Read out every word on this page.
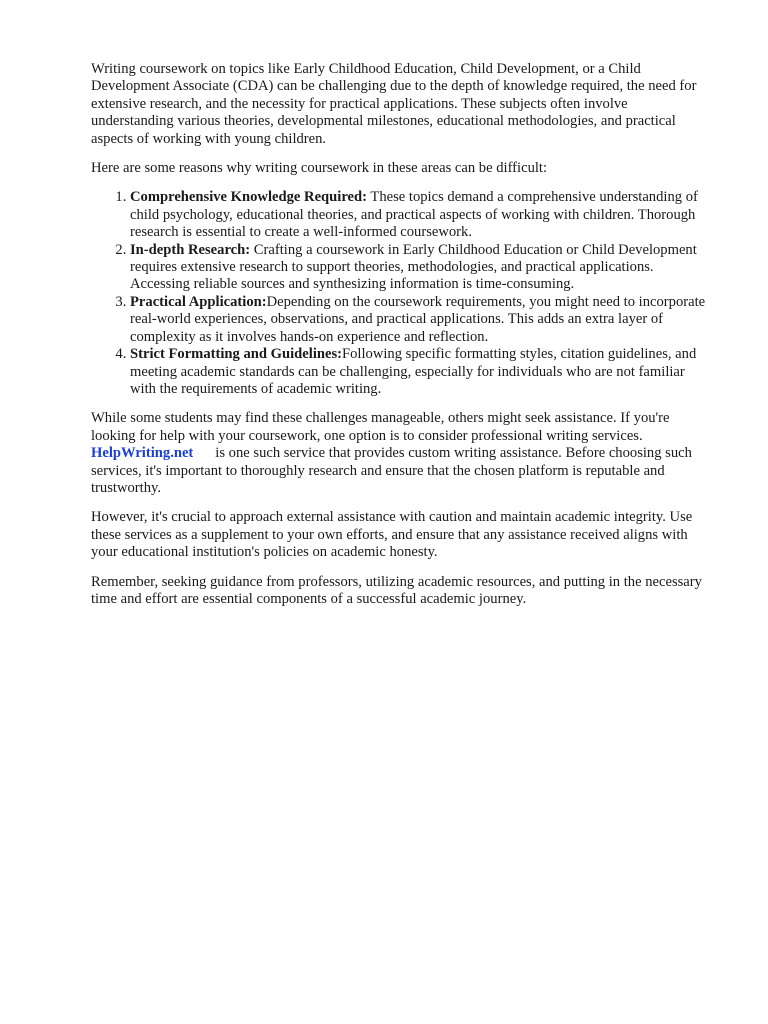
Writing coursework on topics like Early Childhood Education, Child Development, or a Child Development Associate (CDA) can be challenging due to the depth of knowledge required, the need for extensive research, and the necessity for practical applications. These subjects often involve understanding various theories, developmental milestones, educational methodologies, and practical aspects of working with young children.

Here are some reasons why writing coursework in these areas can be difficult:

1. Comprehensive Knowledge Required: These topics demand a comprehensive understanding of child psychology, educational theories, and practical aspects of working with children. Thorough research is essential to create a well-informed coursework.
2. In-depth Research: Crafting a coursework in Early Childhood Education or Child Development requires extensive research to support theories, methodologies, and practical applications. Accessing reliable sources and synthesizing information is time-consuming.
3. Practical Application:Depending on the coursework requirements, you might need to incorporate real-world experiences, observations, and practical applications. This adds an extra layer of complexity as it involves hands-on experience and reflection.
4. Strict Formatting and Guidelines:Following specific formatting styles, citation guidelines, and meeting academic standards can be challenging, especially for individuals who are not familiar with the requirements of academic writing.

While some students may find these challenges manageable, others might seek assistance. If you're looking for help with your coursework, one option is to consider professional writing services. HelpWriting.net is one such service that provides custom writing assistance. Before choosing such services, it's important to thoroughly research and ensure that the chosen platform is reputable and trustworthy.

However, it's crucial to approach external assistance with caution and maintain academic integrity. Use these services as a supplement to your own efforts, and ensure that any assistance received aligns with your educational institution's policies on academic honesty.

Remember, seeking guidance from professors, utilizing academic resources, and putting in the necessary time and effort are essential components of a successful academic journey.
